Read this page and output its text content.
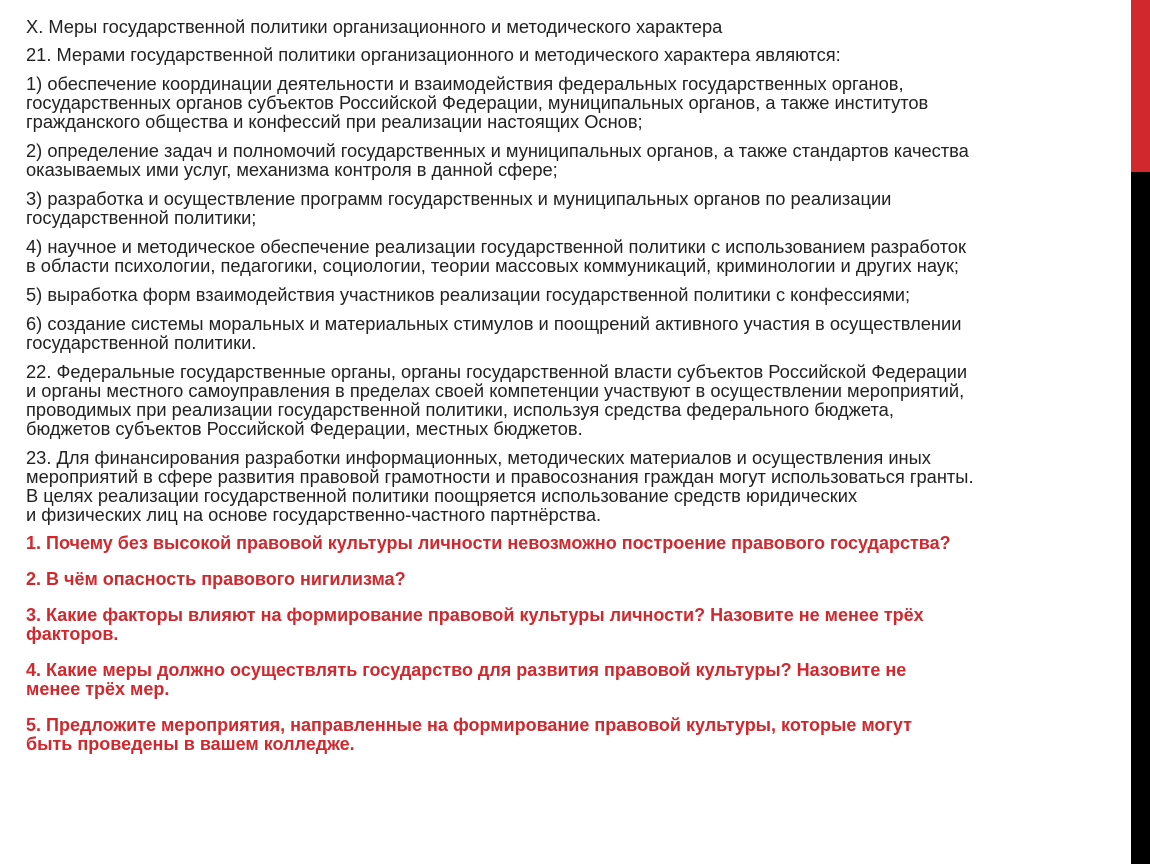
X. Меры государственной политики организационного и методического характера

21. Мерами государственной политики организационного и методического характера являются:

1) обеспечение координации деятельности и взаимодействия федеральных государственных органов,
государственных органов субъектов Российской Федерации, муниципальных органов, а также институтов
гражданского общества и конфессий при реализации настоящих Основ;

2) определение задач и полномочий государственных и муниципальных органов, а также стандартов качества
оказываемых ими услуг, механизма контроля в данной сфере;

3) разработка и осуществление программ государственных и муниципальных органов по реализации
государственной политики;

4) научное и методическое обеспечение реализации государственной политики с использованием разработок
в области психологии, педагогики, социологии, теории массовых коммуникаций, криминологии и других наук;

5) выработка форм взаимодействия участников реализации государственной политики с конфессиями;

6) создание системы моральных и материальных стимулов и поощрений активного участия в осуществлении
государственной политики.

22. Федеральные государственные органы, органы государственной власти субъектов Российской Федерации
и органы местного самоуправления в пределах своей компетенции участвуют в осуществлении мероприятий,
проводимых при реализации государственной политики, используя средства федерального бюджета,
бюджетов субъектов Российской Федерации, местных бюджетов.

23. Для финансирования разработки информационных, методических материалов и осуществления иных
мероприятий в сфере развития правовой грамотности и правосознания граждан могут использоваться гранты.
В целях реализации государственной политики поощряется использование средств юридических
и физических лиц на основе государственно-частного партнёрства.

1. Почему без высокой правовой культуры личности невозможно построение правового государства?

2. В чём опасность правового нигилизма?

3. Какие факторы влияют на формирование правовой культуры личности? Назовите не менее трёх
факторов.

4. Какие меры должно осуществлять государство для развития правовой культуры? Назовите не
менее трёх мер.

5. Предложите мероприятия, направленные на формирование правовой культуры, которые могут
быть проведены в вашем колледже.
